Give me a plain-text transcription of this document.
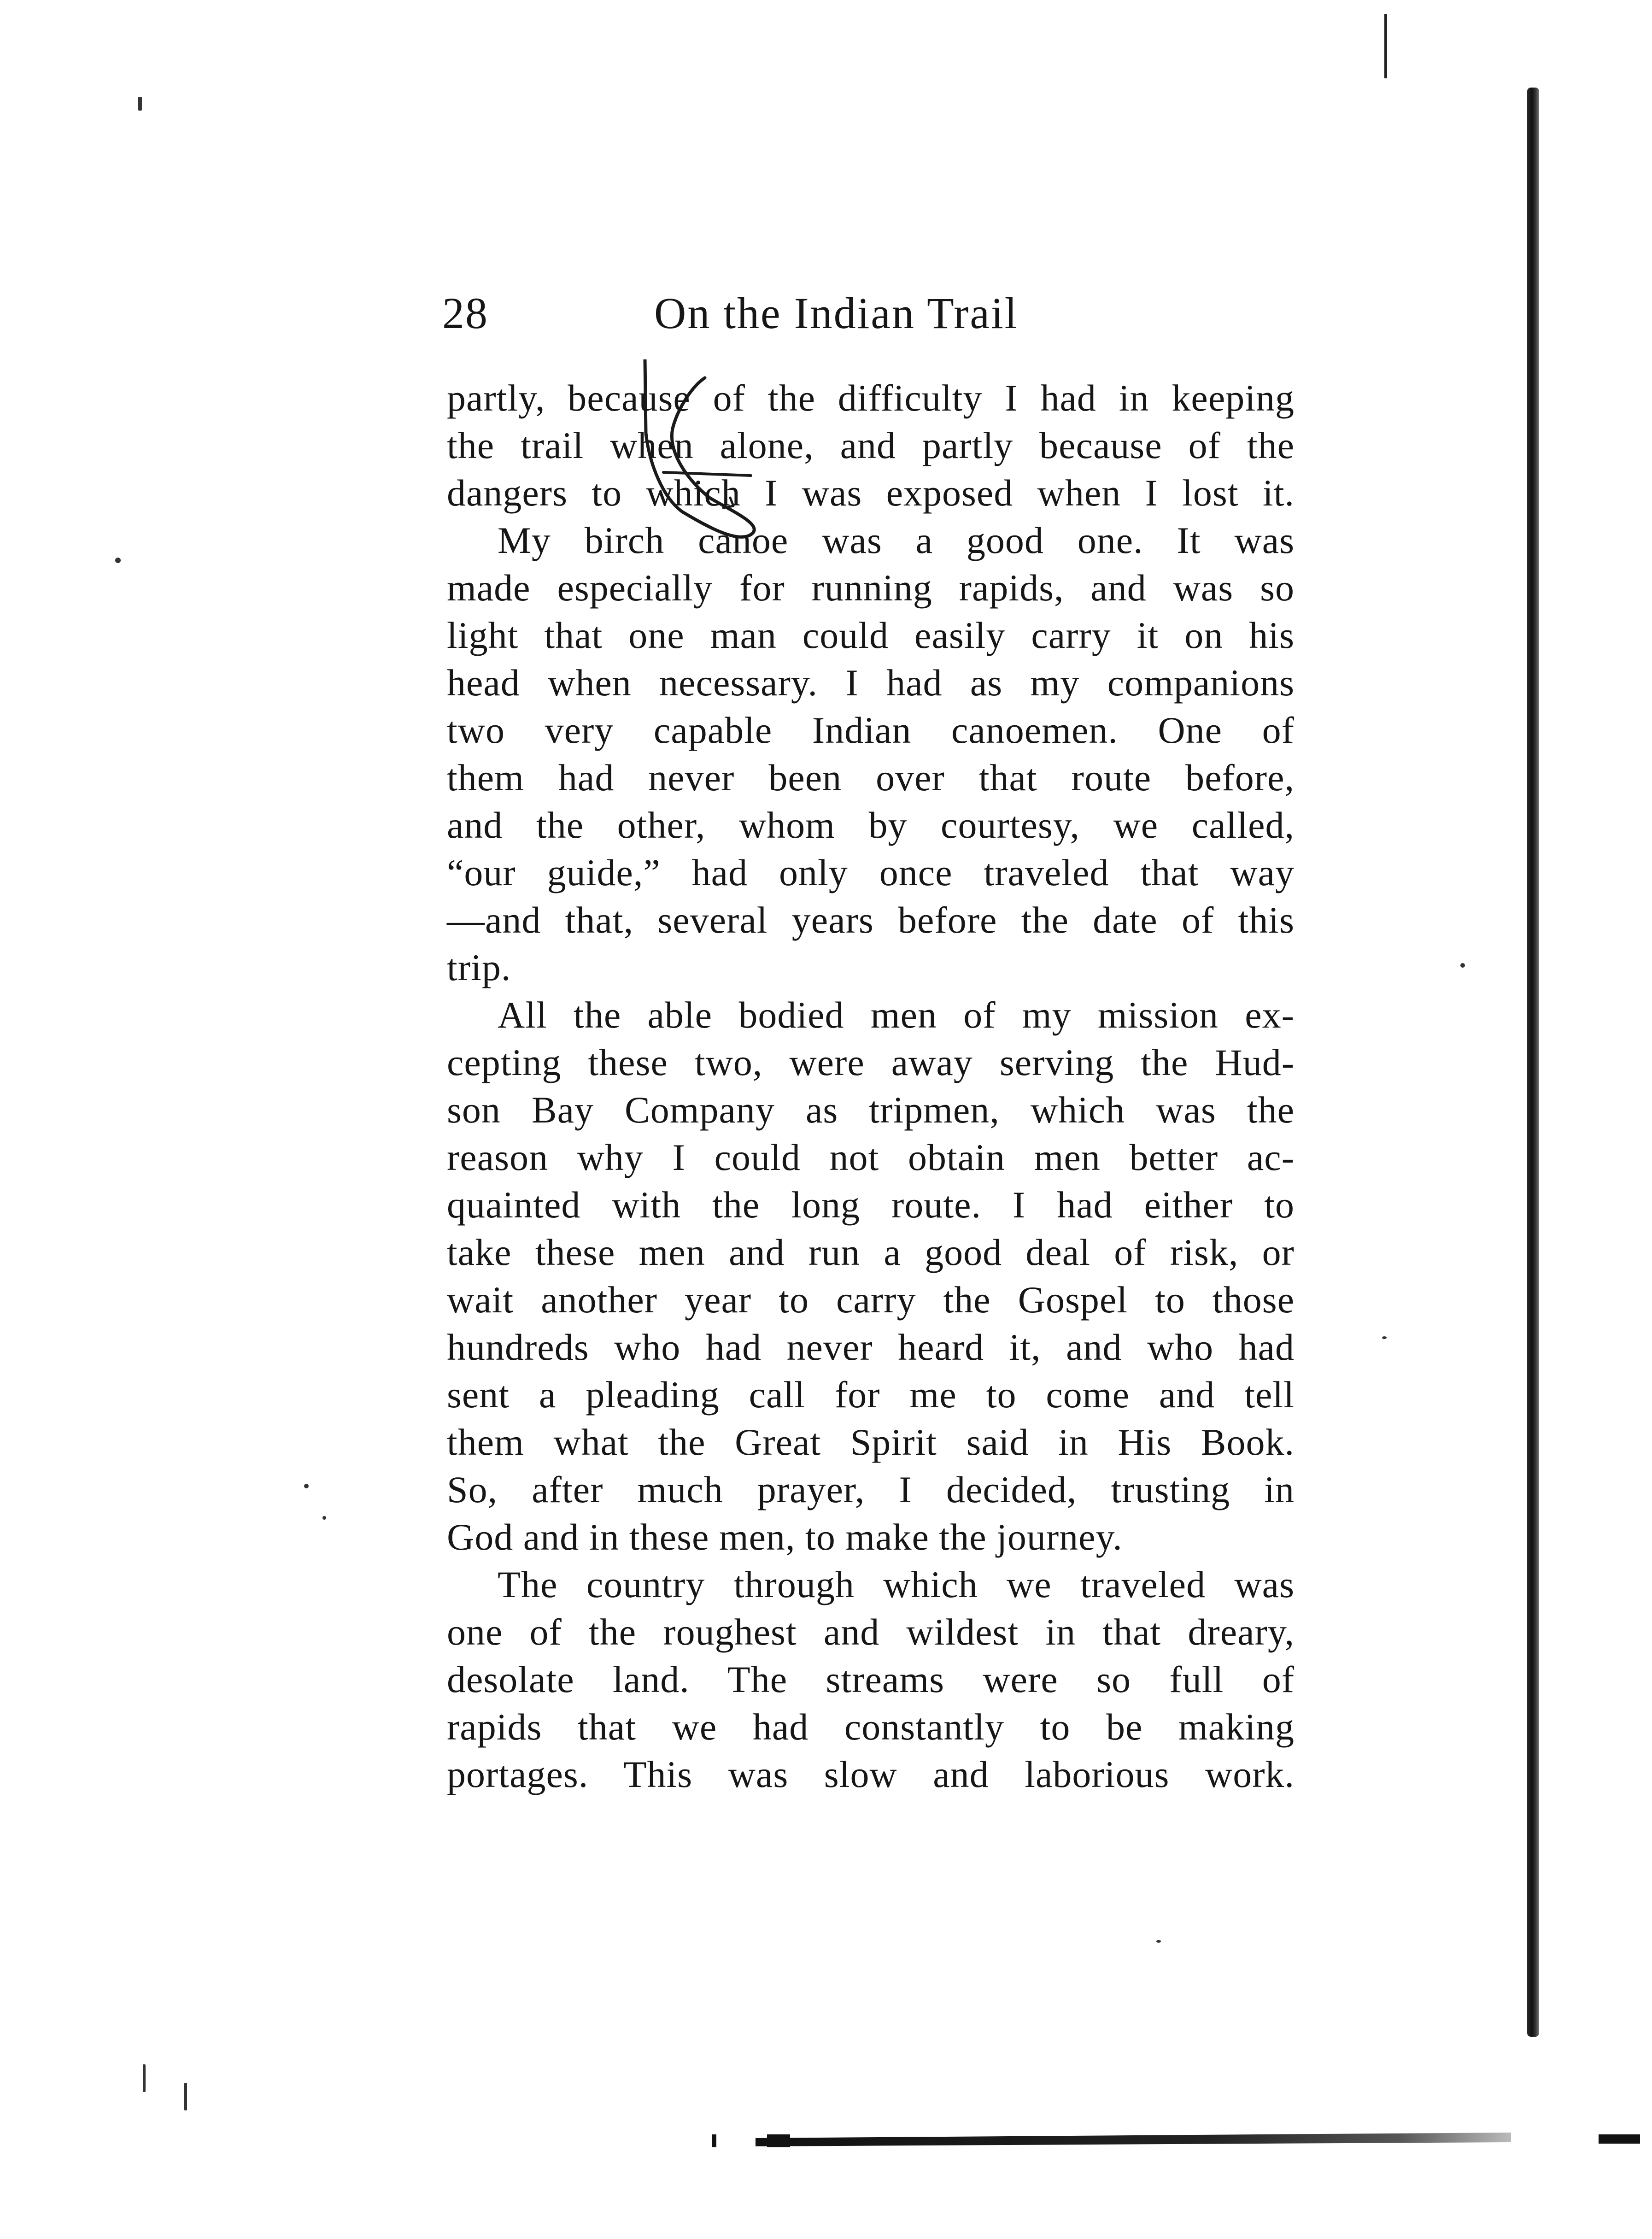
28	On the Indian Trail
partly, because of the difficulty I had in keeping
the trail when alone, and partly because of the
dangers to which I was exposed when I lost it.
My birch canoe was a good one. It was
made especially for running rapids, and was so
light that one man could easily carry it on his
head when necessary. I had as my companions
two very capable Indian canoemen. One of
them had never been over that route before,
and the other, whom by courtesy, we called,
“our guide,” had only once traveled that way
—and that, several years before the date of this
trip.
All the able bodied men of my mission ex-
cepting these two, were away serving the Hud-
son Bay Company as tripmen, which was the
reason why I could not obtain men better ac-
quainted with the long route. I had either to
take these men and run a good deal of risk, or
wait another year to carry the Gospel to those
hundreds who had never heard it, and who had
sent a pleading call for me to come and tell
them what the Great Spirit said in His Book.
So, after much prayer, I decided, trusting in
God and in these men, to make the journey.
The country through which we traveled was
one of the roughest and wildest in that dreary,
desolate land. The streams were so full of
rapids that we had constantly to be making
portages. This was slow and laborious work.
